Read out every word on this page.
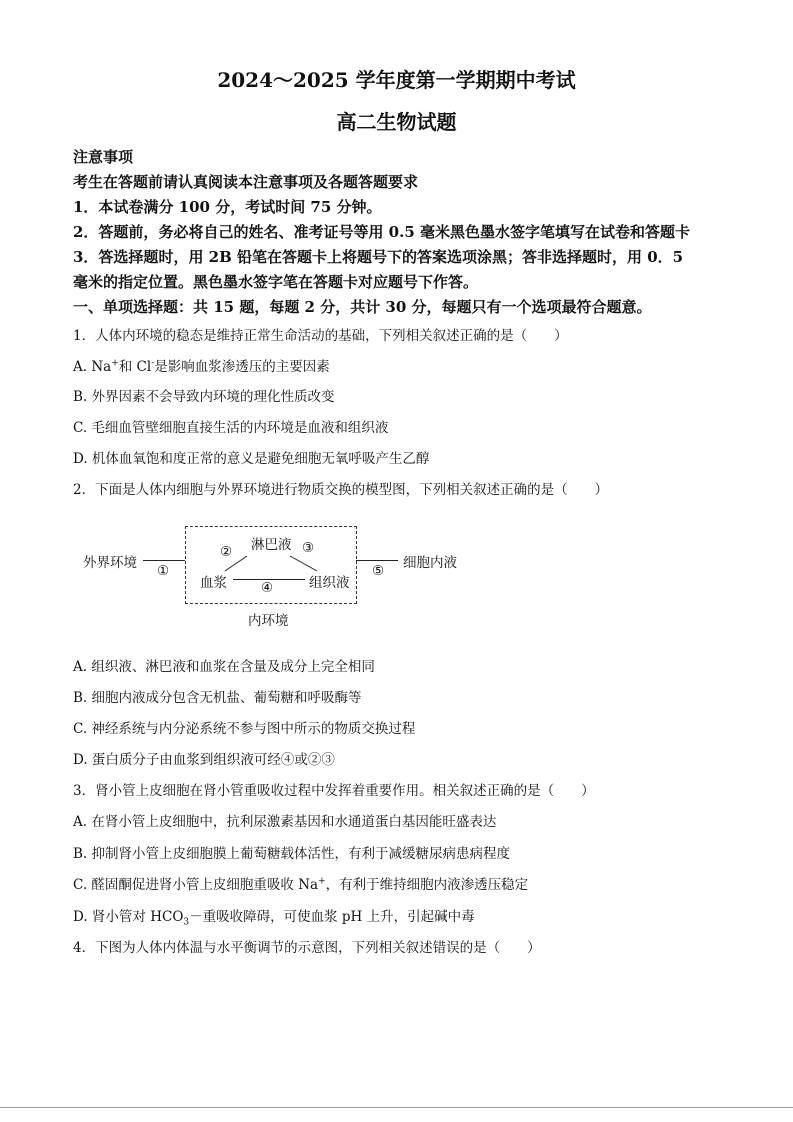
2024～2025 学年度第一学期期中考试
高二生物试题
注意事项
考生在答题前请认真阅读本注意事项及各题答题要求
1．本试卷满分 100 分，考试时间 75 分钟。
2．答题前，务必将自己的姓名、准考证号等用 0.5 毫米黑色墨水签字笔填写在试卷和答题卡
3．答选择题时，用 2B 铅笔在答题卡上将题号下的答案选项涂黑；答非选择题时，用 0．5
毫米的指定位置。黑色墨水签字笔在答题卡对应题号下作答。
一、单项选择题：共 15 题，每题 2 分，共计 30 分，每题只有一个选项最符合题意。
1．人体内环境的稳态是维持正常生命活动的基础，下列相关叙述正确的是（　　）
A. Na+和 Cl-是影响血浆渗透压的主要因素
B. 外界因素不会导致内环境的理化性质改变
C. 毛细血管壁细胞直接生活的内环境是血液和组织液
D. 机体血氧饱和度正常的意义是避免细胞无氧呼吸产生乙醇
2．下面是人体内细胞与外界环境进行物质交换的模型图，下列相关叙述正确的是（　　）
外界环境 ①
淋巴液
②	③
血浆	组织液
④
⑤ 细胞内液
内环境
A. 组织液、淋巴液和血浆在含量及成分上完全相同
B. 细胞内液成分包含无机盐、葡萄糖和呼吸酶等
C. 神经系统与内分泌系统不参与图中所示的物质交换过程
D. 蛋白质分子由血浆到组织液可经④或②③
3．肾小管上皮细胞在肾小管重吸收过程中发挥着重要作用。相关叙述正确的是（　　）
A. 在肾小管上皮细胞中，抗利尿激素基因和水通道蛋白基因能旺盛表达
B. 抑制肾小管上皮细胞膜上葡萄糖载体活性，有利于减缓糖尿病患病程度
C. 醛固酮促进肾小管上皮细胞重吸收 Na+，有利于维持细胞内液渗透压稳定
D. 肾小管对 $HCO_3-$重吸收障碍，可使血浆 pH 上升，引起碱中毒
4．下图为人体内体温与水平衡调节的示意图，下列相关叙述错误的是（　　）
